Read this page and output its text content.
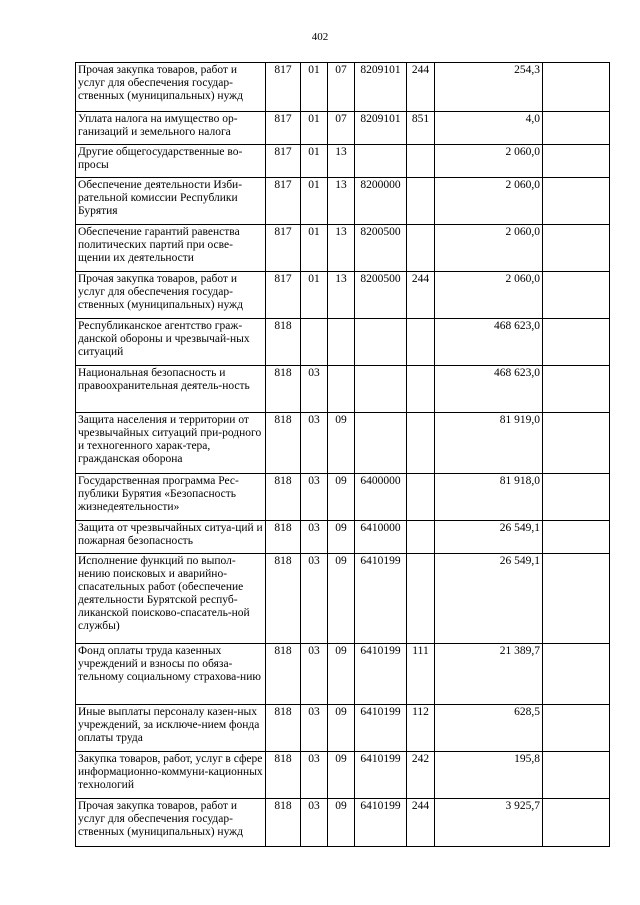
402
Прочая закупка товаров, работ и услуг для обеспечения государ-ственных (муниципальных) нужд	817	01	07	8209101	244	254,3	
Уплата налога на имущество ор-ганизаций и земельного налога	817	01	07	8209101	851	4,0	
Другие общегосударственные во-просы	817	01	13			2 060,0	
Обеспечение деятельности Изби-рательной комиссии Республики Бурятия	817	01	13	8200000		2 060,0	
Обеспечение гарантий равенства политических партий при осве-щении их деятельности	817	01	13	8200500		2 060,0	
Прочая закупка товаров, работ и услуг для обеспечения государ-ственных (муниципальных) нужд	817	01	13	8200500	244	2 060,0	
Республиканское агентство граж-данской обороны и чрезвычай-ных ситуаций	818					468 623,0	
Национальная безопасность и правоохранительная деятель-ность	818	03				468 623,0	
Защита населения и территории от чрезвычайных ситуаций при-родного и техногенного харак-тера, гражданская оборона	818	03	09			81 919,0	
Государственная программа Рес-публики Бурятия «Безопасность жизнедеятельности»	818	03	09	6400000		81 918,0	
Защита от чрезвычайных ситуа-ций и пожарная безопасность	818	03	09	6410000		26 549,1	
Исполнение функций по выпол-нению поисковых и аварийно-спасательных работ (обеспечение деятельности Бурятской респуб-ликанской поисково-спасатель-ной службы)	818	03	09	6410199		26 549,1	
Фонд оплаты труда казенных учреждений и взносы по обяза-тельному социальному страхова-нию	818	03	09	6410199	111	21 389,7	
Иные выплаты персоналу казен-ных учреждений, за исключе-нием фонда оплаты труда	818	03	09	6410199	112	628,5	
Закупка товаров, работ, услуг в сфере информационно-коммуни-кационных технологий	818	03	09	6410199	242	195,8	
Прочая закупка товаров, работ и услуг для обеспечения государ-ственных (муниципальных) нужд	818	03	09	6410199	244	3 925,7	
